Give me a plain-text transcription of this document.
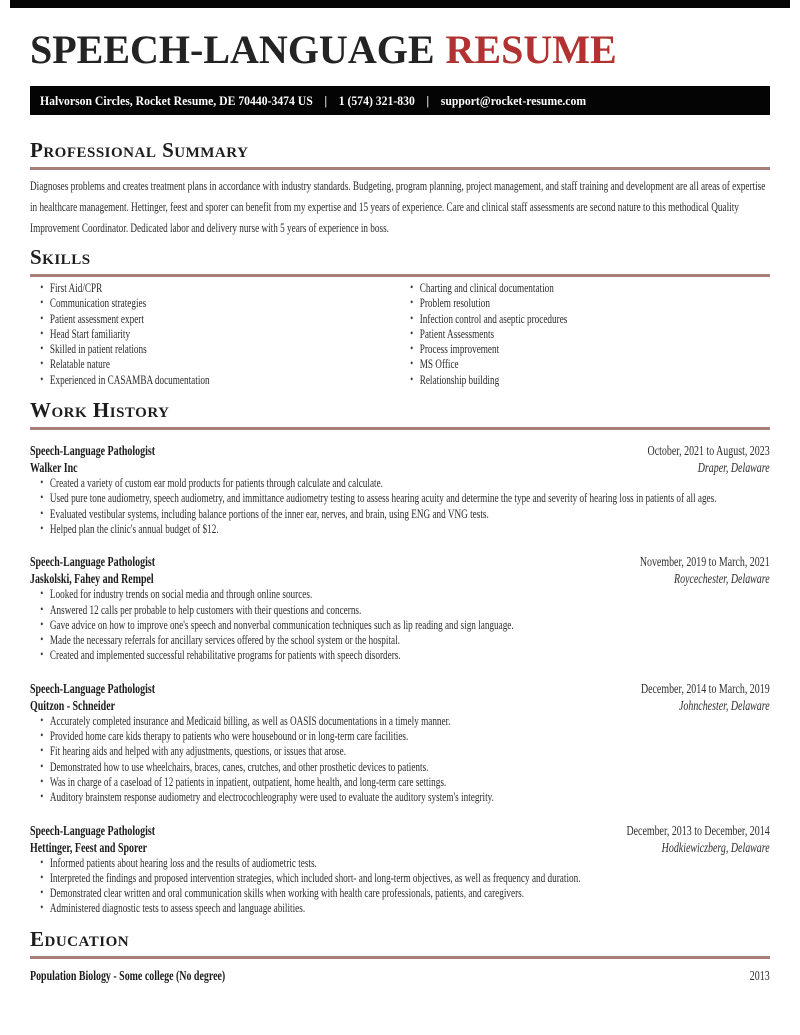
SPEECH-LANGUAGE RESUME
Halvorson Circles, Rocket Resume, DE 70440-3474 US | 1 (574) 321-830 | support@rocket-resume.com
Professional Summary

Diagnoses problems and creates treatment plans in accordance with industry standards. Budgeting, program planning, project management, and staff training and development are all areas of expertise in healthcare management. Hettinger, feest and sporer can benefit from my expertise and 15 years of experience. Care and clinical staff assessments are second nature to this methodical Quality Improvement Coordinator. Dedicated labor and delivery nurse with 5 years of experience in boss.

Skills
• First Aid/CPR
• Communication strategies
• Patient assessment expert
• Head Start familiarity
• Skilled in patient relations
• Relatable nature
• Experienced in CASAMBA documentation
• Charting and clinical documentation
• Problem resolution
• Infection control and aseptic procedures
• Patient Assessments
• Process improvement
• MS Office
• Relationship building
Work History
Speech-Language Pathologist	October, 2021 to August, 2023
Walker Inc	Draper, Delaware
• Created a variety of custom ear mold products for patients through calculate and calculate.
• Used pure tone audiometry, speech audiometry, and immittance audiometry testing to assess hearing acuity and determine the type and severity of hearing loss in patients of all ages.
• Evaluated vestibular systems, including balance portions of the inner ear, nerves, and brain, using ENG and VNG tests.
• Helped plan the clinic's annual budget of $12.
Speech-Language Pathologist	November, 2019 to March, 2021
Jaskolski, Fahey and Rempel	Roycechester, Delaware
• Looked for industry trends on social media and through online sources.
• Answered 12 calls per probable to help customers with their questions and concerns.
• Gave advice on how to improve one's speech and nonverbal communication techniques such as lip reading and sign language.
• Made the necessary referrals for ancillary services offered by the school system or the hospital.
• Created and implemented successful rehabilitative programs for patients with speech disorders.
Speech-Language Pathologist	December, 2014 to March, 2019
Quitzon - Schneider	Johnchester, Delaware
• Accurately completed insurance and Medicaid billing, as well as OASIS documentations in a timely manner.
• Provided home care kids therapy to patients who were housebound or in long-term care facilities.
• Fit hearing aids and helped with any adjustments, questions, or issues that arose.
• Demonstrated how to use wheelchairs, braces, canes, crutches, and other prosthetic devices to patients.
• Was in charge of a caseload of 12 patients in inpatient, outpatient, home health, and long-term care settings.
• Auditory brainstem response audiometry and electrocochleography were used to evaluate the auditory system's integrity.
Speech-Language Pathologist	December, 2013 to December, 2014
Hettinger, Feest and Sporer	Hodkiewiczberg, Delaware
• Informed patients about hearing loss and the results of audiometric tests.
• Interpreted the findings and proposed intervention strategies, which included short- and long-term objectives, as well as frequency and duration.
• Demonstrated clear written and oral communication skills when working with health care professionals, patients, and caregivers.
• Administered diagnostic tests to assess speech and language abilities.
Education
Population Biology - Some college (No degree)	2013
